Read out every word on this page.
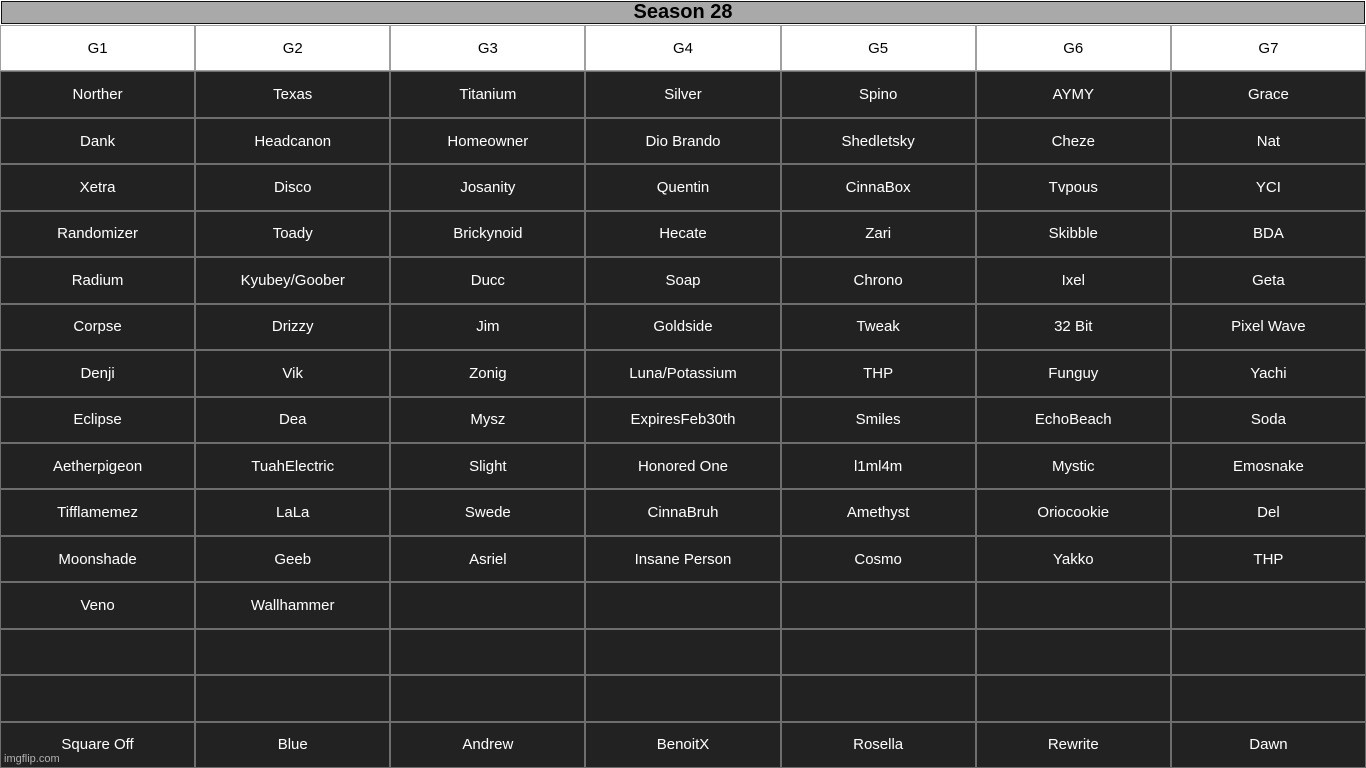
Season 28
G1	G2	G3	G4	G5	G6	G7
Norther	Texas	Titanium	Silver	Spino	AYMY	Grace
Dank	Headcanon	Homeowner	Dio Brando	Shedletsky	Cheze	Nat
Xetra	Disco	Josanity	Quentin	CinnaBox	Tvpous	YCI
Randomizer	Toady	Brickynoid	Hecate	Zari	Skibble	BDA
Radium	Kyubey/Goober	Ducc	Soap	Chrono	Ixel	Geta
Corpse	Drizzy	Jim	Goldside	Tweak	32 Bit	Pixel Wave
Denji	Vik	Zonig	Luna/Potassium	THP	Funguy	Yachi
Eclipse	Dea	Mysz	ExpiresFeb30th	Smiles	EchoBeach	Soda
Aetherpigeon	TuahElectric	Slight	Honored One	l1ml4m	Mystic	Emosnake
Tifflamemez	LaLa	Swede	CinnaBruh	Amethyst	Oriocookie	Del
Moonshade	Geeb	Asriel	Insane Person	Cosmo	Yakko	THP
Veno	Wallhammer
Square Off	Blue	Andrew	BenoitX	Rosella	Rewrite	Dawn
imgflip.com
